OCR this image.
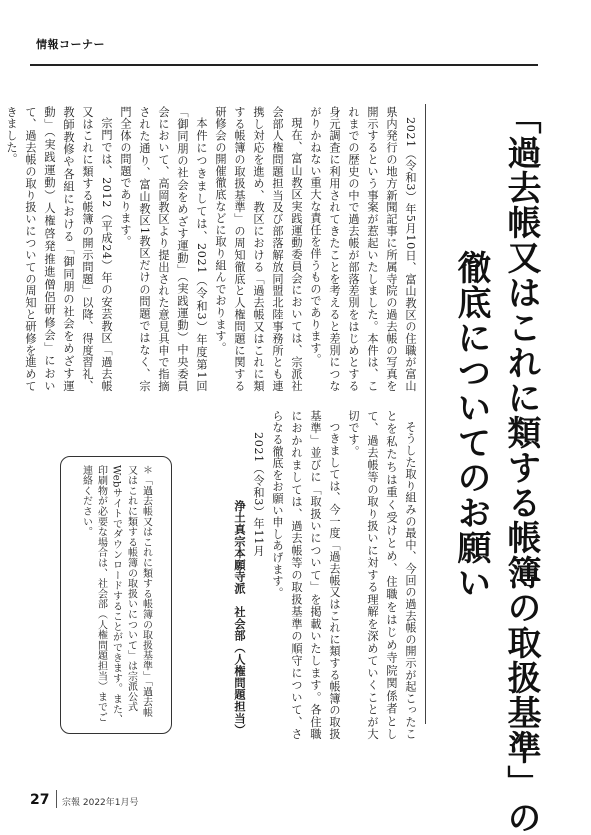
情報コーナー
「過去帳又はこれに類する帳簿の取扱基準」の
徹底についてのお願い
2021（令和3）年5月10日、富山教区の住職が富山県内発行の地方新聞記事に所属寺院の過去帳の写真を開示するという事案が惹起いたしました。本件は、これまでの歴史の中で過去帳が部落差別をはじめとする身元調査に利用されてきたことを考えると差別につながりかねない重大な責任を伴うものであります。
現在、富山教区実践運動委員会においては、宗派社会部人権問題担当及び部落解放同盟北陸事務所とも連携し対応を進め、教区における「過去帳又はこれに類する帳簿の取扱基準」の周知徹底と人権問題に関する研修会の開催徹底などに取り組んでおります。
本件につきましては、2021（令和3）年度第1回「御同朋の社会をめざす運動」（実践運動）中央委員会において、高岡教区より提出された意見具申で指摘された通り、富山教区1教区だけの問題ではなく、宗門全体の問題であります。
宗門では、2012（平成24）年の安芸教区「過去帳又はこれに類する帳簿の開示問題」以降、得度習礼、教師教修や各組における「御同朋の社会をめざす運動」（実践運動）人権啓発推進僧侶研修会」において、過去帳の取り扱いについての周知と研修を進めてきました。
そうした取り組みの最中、今回の過去帳の開示が起こったことを私たちは重く受けとめ、住職をはじめ寺院関係者として、過去帳等の取り扱いに対する理解を深めていくことが大切です。
つきましては、今一度「過去帳又はこれに類する帳簿の取扱基準」並びに「取扱いについて」を掲載いたします。各住職におかれましては、過去帳等の取扱基準の順守について、さらなる徹底をお願い申しあげます。
2021（令和3）年11月
浄土真宗本願寺派　社会部（人権問題担当）
＊「過去帳又はこれに類する帳簿の取扱基準」「過去帳又はこれに類する帳簿の取扱いについて」は宗派公式Webサイトでダウンロードすることができます。また、印刷物が必要な場合は、社会部（人権問題担当）までご連絡ください。
27 宗報 2022年1月号
